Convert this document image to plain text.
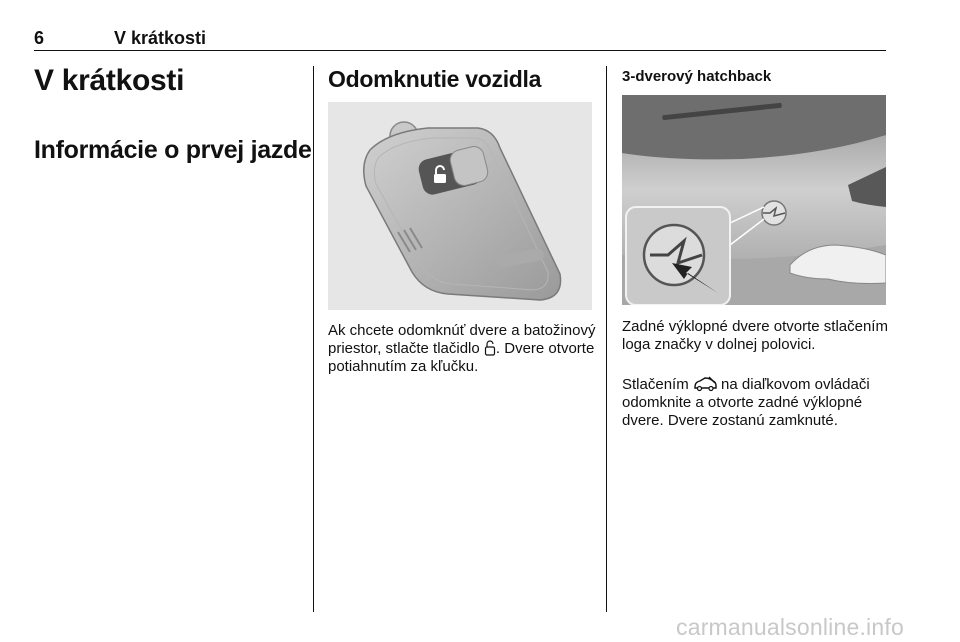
6	V krátkosti
V krátkosti
Informácie o prvej jazde
Odomknutie vozidla
Ak chcete odomknúť dvere a batožinový priestor, stlačte tlačidlo . Dvere otvorte potiahnutím za kľučku.
3-dverový hatchback
Zadné výklopné dvere otvorte stlačením loga značky v dolnej polovici.
Stlačením na diaľkovom ovládači odomknite a otvorte zadné výklopné dvere. Dvere zostanú zamknuté.
carmanualsonline.info
